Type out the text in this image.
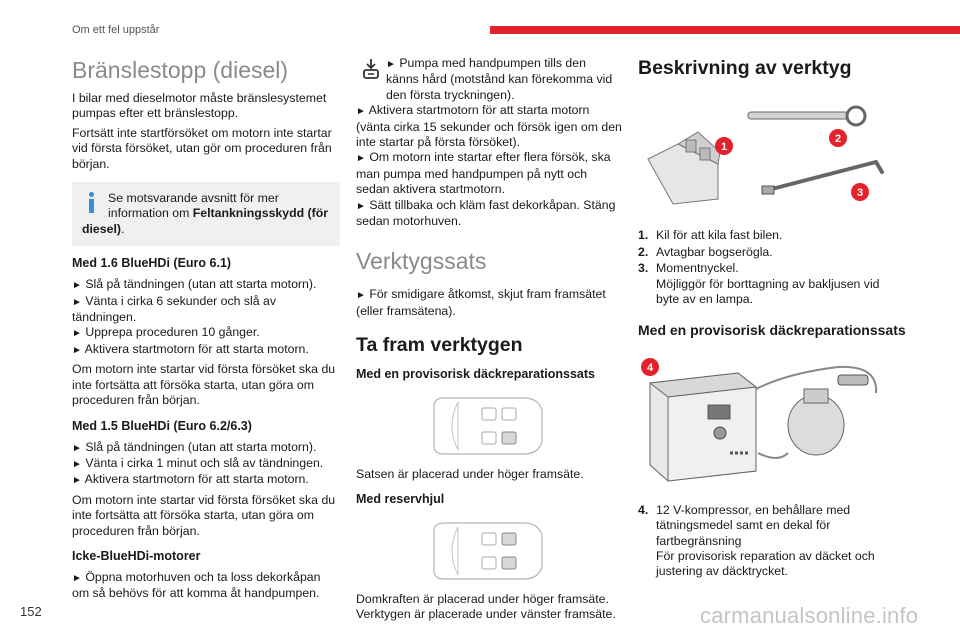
Om ett fel uppstår
Bränslestopp (diesel)

I bilar med dieselmotor måste bränslesystemet pumpas efter ett bränslestopp.

Fortsätt inte startförsöket om motorn inte startar vid första försöket, utan gör om proceduren från början.

Se motsvarande avsnitt för mer information om Feltankningsskydd (för diesel).
Med 1.6 BlueHDi (Euro 6.1)

► Slå på tändningen (utan att starta motorn).
► Vänta i cirka 6 sekunder och slå av tändningen.
► Upprepa proceduren 10 gånger.
► Aktivera startmotorn för att starta motorn.

Om motorn inte startar vid första försöket ska du inte fortsätta att försöka starta, utan göra om proceduren från början.

Med 1.5 BlueHDi (Euro 6.2/6.3)

► Slå på tändningen (utan att starta motorn).
► Vänta i cirka 1 minut och slå av tändningen.
► Aktivera startmotorn för att starta motorn.

Om motorn inte startar vid första försöket ska du inte fortsätta att försöka starta, utan göra om proceduren från början.

Icke-BlueHDi-motorer

► Öppna motorhuven och ta loss dekorkåpan om så behövs för att komma åt handpumpen.

► Pumpa med handpumpen tills den känns hård (motstånd kan förekomma vid den första tryckningen).

► Aktivera startmotorn för att starta motorn (vänta cirka 15 sekunder och försök igen om den inte startar på första försöket).
► Om motorn inte startar efter flera försök, ska man pumpa med handpumpen på nytt och sedan aktivera startmotorn.
► Sätt tillbaka och kläm fast dekorkåpan. Stäng sedan motorhuven.

Verktygssats

► För smidigare åtkomst, skjut fram framsätet (eller framsätena).

Ta fram verktygen
Med en provisorisk däckreparationssats

Satsen är placerad under höger framsäte.

Med reservhjul

Domkraften är placerad under höger framsäte.

Verktygen är placerade under vänster framsäte.

Beskrivning av verktyg
1
2
3
1. Kil för att kila fast bilen.
2. Avtagbar bogserögla.
3. Momentnyckel.
Möjliggör för borttagning av bakljusen vid byte av en lampa.
Med en provisorisk däckreparationssats
4
4. 12 V-kompressor, en behållare med tätningsmedel samt en dekal för fartbegränsning
För provisorisk reparation av däcket och justering av däcktrycket.
152	carmanualsonline.info
